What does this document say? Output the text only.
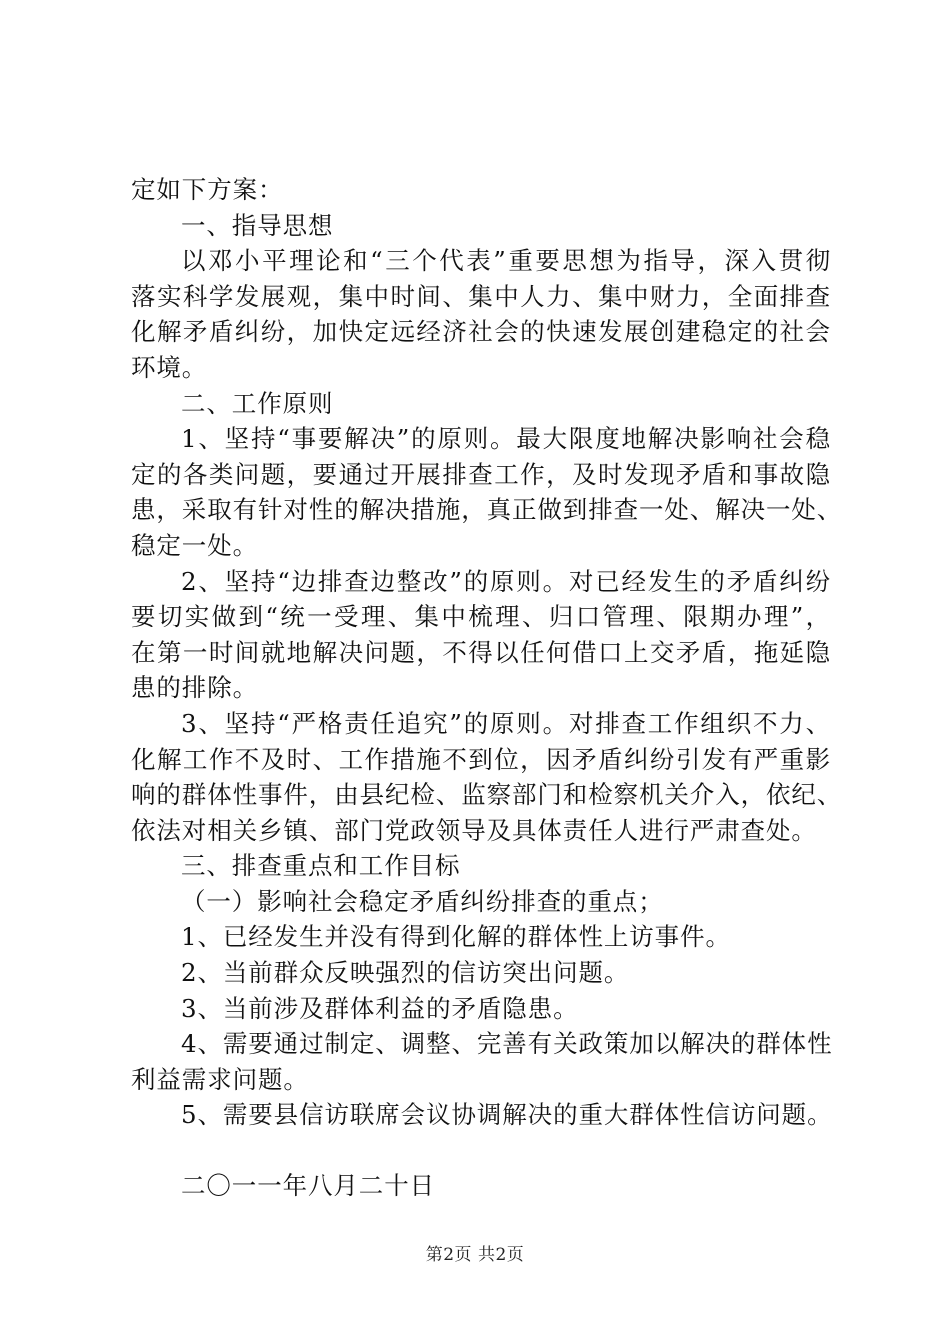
定如下方案：
一、指导思想
以邓小平理论和“三个代表”重要思想为指导，深入贯彻
落实科学发展观，集中时间、集中人力、集中财力，全面排查
化解矛盾纠纷，加快定远经济社会的快速发展创建稳定的社会
环境。
二、工作原则
1、坚持“事要解决”的原则。最大限度地解决影响社会稳
定的各类问题，要通过开展排查工作，及时发现矛盾和事故隐
患，采取有针对性的解决措施，真正做到排查一处、解决一处、
稳定一处。
2、坚持“边排查边整改”的原则。对已经发生的矛盾纠纷
要切实做到“统一受理、集中梳理、归口管理、限期办理”，
在第一时间就地解决问题，不得以任何借口上交矛盾，拖延隐
患的排除。
3、坚持“严格责任追究”的原则。对排查工作组织不力、
化解工作不及时、工作措施不到位，因矛盾纠纷引发有严重影
响的群体性事件，由县纪检、监察部门和检察机关介入，依纪、
依法对相关乡镇、部门党政领导及具体责任人进行严肃查处。
三、排查重点和工作目标
（一）影响社会稳定矛盾纠纷排查的重点；
1、已经发生并没有得到化解的群体性上访事件。
2、当前群众反映强烈的信访突出问题。
3、当前涉及群体利益的矛盾隐患。
4、需要通过制定、调整、完善有关政策加以解决的群体性
利益需求问题。
5、需要县信访联席会议协调解决的重大群体性信访问题。
二〇一一年八月二十日
第2页 共2页
